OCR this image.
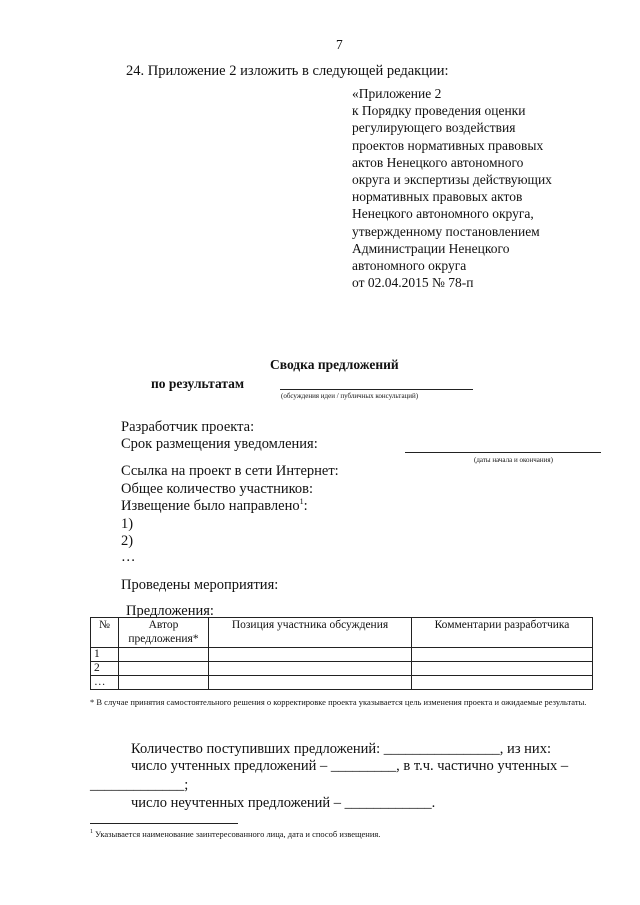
7
24. Приложение 2 изложить в следующей редакции:
«Приложение 2
к Порядку проведения оценки
регулирующего воздействия
проектов нормативных правовых
актов Ненецкого автономного
округа и экспертизы действующих
нормативных правовых актов
Ненецкого автономного округа,
утвержденному постановлением
Администрации Ненецкого
автономного округа
от 02.04.2015 № 78-п
Сводка предложений
по результатам
(обсуждения идеи / публичных консультаций)
Разработчик проекта:
Срок размещения уведомления:
(даты начала и окончания)
Ссылка на проект в сети Интернет:
Общее количество участников:
Извещение было направлено$^1$:
1)
2)
…
Проведены мероприятия:
Предложения:
№	Автор предложения*	Позиция участника обсуждения	Комментарии разработчика
1			
2			
…			
* В случае принятия самостоятельного решения о корректировке проекта указывается цель изменения проекта и ожидаемые результаты.
Количество поступивших предложений: ________________, из них:
число учтенных предложений – _________, в т.ч. частично учтенных –
_____________;
число неучтенных предложений – ____________.
$^1$ Указывается наименование заинтересованного лица, дата и способ извещения.
